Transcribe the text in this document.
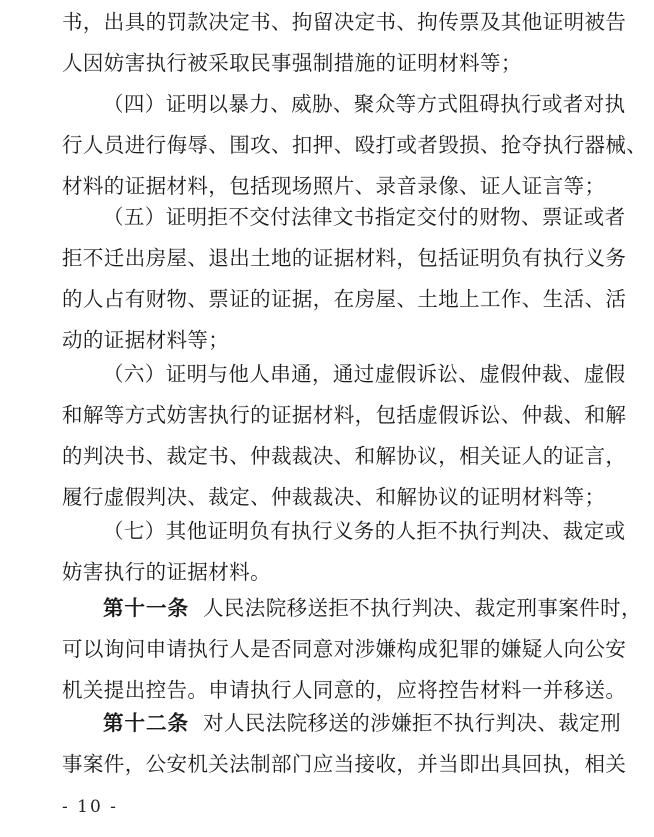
书，出具的罚款决定书、拘留决定书、拘传票及其他证明被告
人因妨害执行被采取民事强制措施的证明材料等；
（四）证明以暴力、威胁、聚众等方式阻碍执行或者对执
行人员进行侮辱、围攻、扣押、殴打或者毁损、抢夺执行器械、
材料的证据材料，包括现场照片、录音录像、证人证言等；
（五）证明拒不交付法律文书指定交付的财物、票证或者
拒不迁出房屋、退出土地的证据材料，包括证明负有执行义务
的人占有财物、票证的证据，在房屋、土地上工作、生活、活
动的证据材料等；
（六）证明与他人串通，通过虚假诉讼、虚假仲裁、虚假
和解等方式妨害执行的证据材料，包括虚假诉讼、仲裁、和解
的判决书、裁定书、仲裁裁决、和解协议，相关证人的证言，
履行虚假判决、裁定、仲裁裁决、和解协议的证明材料等；
（七）其他证明负有执行义务的人拒不执行判决、裁定或
妨害执行的证据材料。
第十一条 人民法院移送拒不执行判决、裁定刑事案件时，
可以询问申请执行人是否同意对涉嫌构成犯罪的嫌疑人向公安
机关提出控告。申请执行人同意的，应将控告材料一并移送。
第十二条 对人民法院移送的涉嫌拒不执行判决、裁定刑
事案件，公安机关法制部门应当接收，并当即出具回执，相关
- 10 -
